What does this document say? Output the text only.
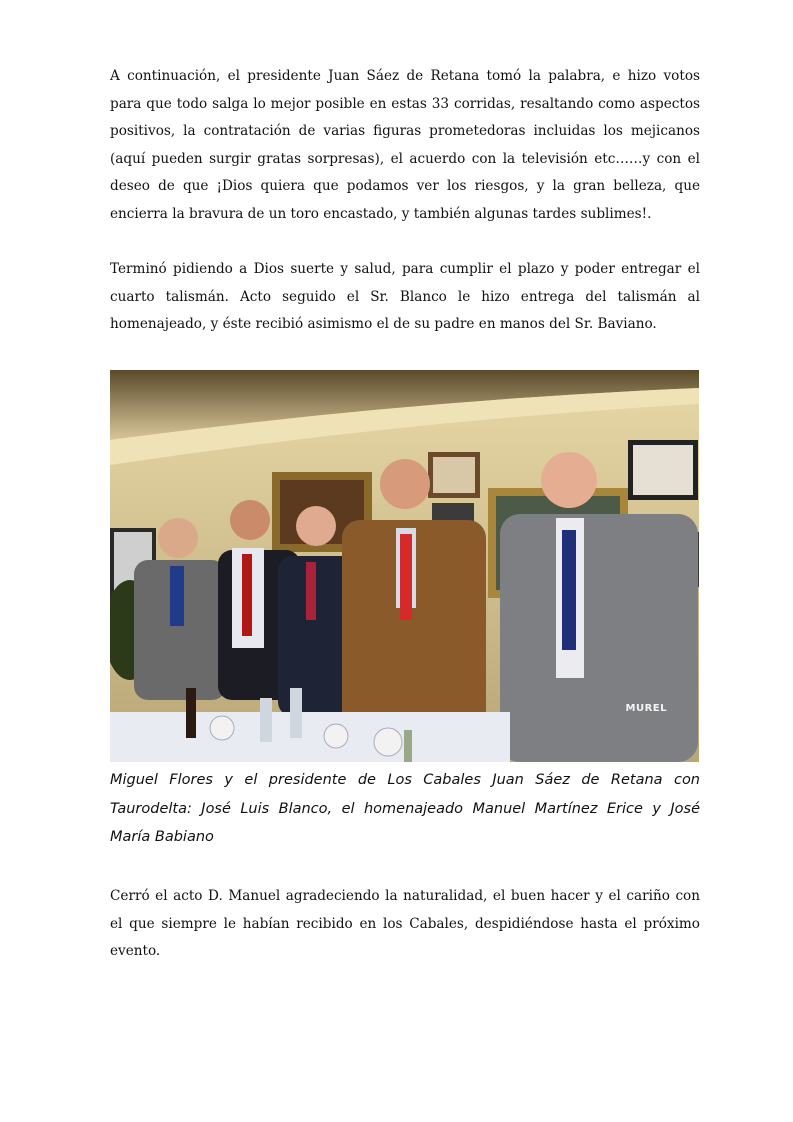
A continuación, el presidente Juan Sáez de Retana tomó la palabra, e hizo votos
para que todo salga lo mejor posible en estas 33 corridas, resaltando como aspectos
positivos, la contratación de varias figuras prometedoras incluidas los mejicanos
(aquí pueden surgir gratas sorpresas), el acuerdo con la televisión etc……y con el
deseo de que ¡Dios quiera que podamos ver los riesgos, y la gran belleza, que
encierra la bravura de un toro encastado, y también algunas tardes sublimes!.

Terminó pidiendo a Dios suerte y salud, para cumplir el plazo y poder entregar el
cuarto talismán. Acto seguido el Sr. Blanco le hizo entrega del talismán al
homenajeado, y éste recibió asimismo el de su padre en manos del Sr. Baviano.

MUREL

Miguel Flores y el presidente de Los Cabales Juan Sáez de Retana con
Taurodelta: José Luis Blanco, el homenajeado Manuel Martínez Erice y José
María Babiano

Cerró el acto D. Manuel agradeciendo la naturalidad, el buen hacer y el cariño con
el que siempre le habían recibido en los Cabales, despidiéndose hasta el próximo
evento.
